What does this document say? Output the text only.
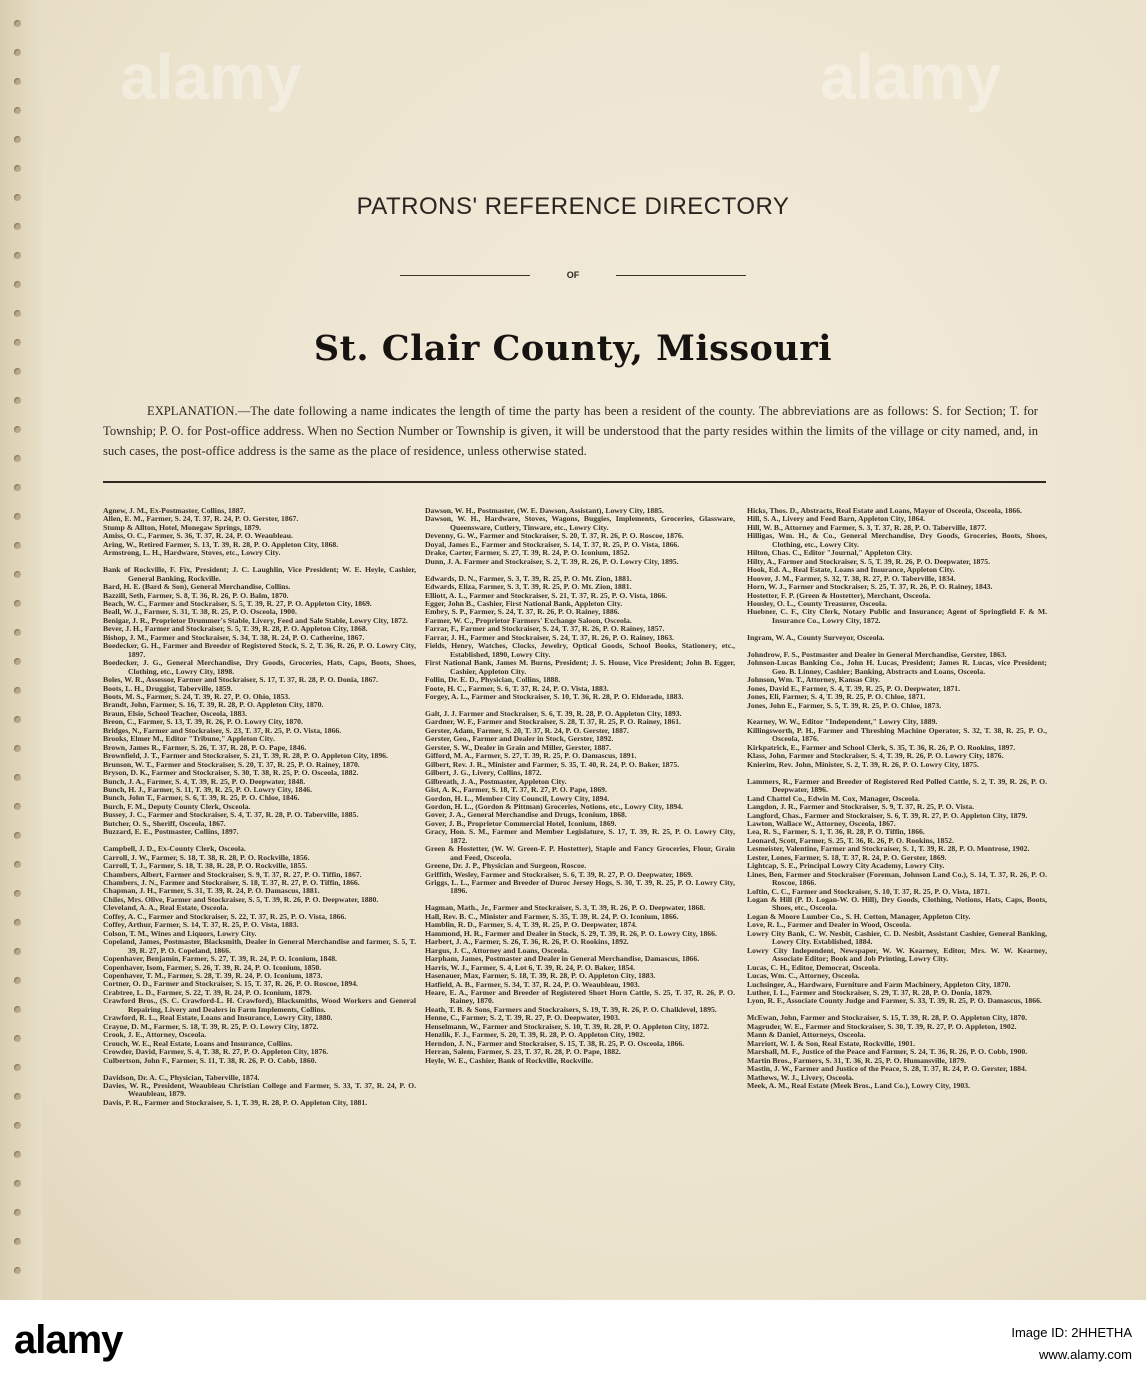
PATRONS' REFERENCE DIRECTORY
OF
St. Clair County, Missouri
EXPLANATION.—The date following a name indicates the length of time the party has been a resident of the county. The abbreviations are as follows: S. for Section; T. for Township; P. O. for Post-office address. When no Section Number or Township is given, it will be understood that the party resides within the limits of the village or city named, and, in such cases, the post-office address is the same as the place of residence, unless otherwise stated.
Agnew, J. M., Ex-Postmaster, Collins, 1887.
Allen, E. M., Farmer, S. 24, T. 37, R. 24, P. O. Gerster, 1867.
Stump & Allton, Hotel, Monegaw Springs, 1879.
Amiss, O. C., Farmer, S. 36, T. 37, R. 24, P. O. Weaubleau.
Aring, W., Retired Farmer, S. 13, T. 39, R. 28, P. O. Appleton City, 1868.
Armstrong, L. H., Hardware, Stoves, etc., Lowry City.
Bank of Rockville, F. Fix, President; J. C. Laughlin, Vice President; W. E. Heyle, Cashier, General Banking, Rockville.
Bard, H. E. (Bard & Son), General Merchandise, Collins.
Bazzill, Seth, Farmer, S. 8, T. 36, R. 26, P. O. Balm, 1870.
Beach, W. C., Farmer and Stockraiser, S. 5, T. 39, R. 27, P. O. Appleton City, 1869.
Beall, W. J., Farmer, S. 31, T. 38, R. 25, P. O. Osceola, 1900.
Benigar, J. R., Proprietor Drummer's Stable, Livery, Feed and Sale Stable, Lowry City, 1872.
Bever, J. H., Farmer and Stockraiser, S. 5, T. 39, R. 28, P. O. Appleton City, 1868.
Bishop, J. M., Farmer and Stockraiser, S. 34, T. 38, R. 24, P. O. Catherine, 1867.
Boedecker, G. H., Farmer and Breeder of Registered Stock, S. 2, T. 36, R. 26, P. O. Lowry City, 1897.
Boedecker, J. G., General Merchandise, Dry Goods, Groceries, Hats, Caps, Boots, Shoes, Clothing, etc., Lowry City, 1898.
Boles, W. R., Assessor, Farmer and Stockraiser, S. 17, T. 37, R. 28, P. O. Donia, 1867.
Boots, L. H., Druggist, Taberville, 1859.
Boots, M. S., Farmer, S. 24, T. 39, R. 27, P. O. Ohio, 1853.
Brandt, John, Farmer, S. 16, T. 39, R. 28, P. O. Appleton City, 1870.
Braun, Elsie, School Teacher, Osceola, 1883.
Breon, C., Farmer, S. 13, T. 39, R. 26, P. O. Lowry City, 1870.
Bridges, N., Farmer and Stockraiser, S. 23, T. 37, R. 25, P. O. Vista, 1866.
Brooks, Elmer M., Editor "Tribune," Appleton City.
Brown, James R., Farmer, S. 26, T. 37, R. 28, P. O. Pape, 1846.
Brownfield, J. T., Farmer and Stockraiser, S. 21, T. 39, R. 28, P. O. Appleton City, 1896.
Brunson, W. T., Farmer and Stockraiser, S. 20, T. 37, R. 25, P. O. Rainey, 1870.
Bryson, D. K., Farmer and Stockraiser, S. 30, T. 38, R. 25, P. O. Osceola, 1882.
Bunch, J. A., Farmer, S. 4, T. 39, R. 25, P. O. Deepwater, 1848.
Bunch, H. J., Farmer, S. 11, T. 39, R. 25, P. O. Lowry City, 1846.
Bunch, John T., Farmer, S. 6, T. 39, R. 25, P. O. Chloe, 1846.
Burch, F. M., Deputy County Clerk, Osceola.
Bussey, J. C., Farmer and Stockraiser, S. 4, T. 37, R. 28, P. O. Taberville, 1885.
Butcher, O. S., Sheriff, Osceola, 1867.
Buzzard, E. E., Postmaster, Collins, 1897.
Campbell, J. D., Ex-County Clerk, Osceola.
Carroll, J. W., Farmer, S. 18, T. 38, R. 28, P. O. Rockville, 1856.
Carroll, T. J., Farmer, S. 18, T. 38, R. 28, P. O. Rockville, 1855.
Chambers, Albert, Farmer and Stockraiser, S. 9, T. 37, R. 27, P. O. Tiffin, 1867.
Chambers, J. N., Farmer and Stockraiser, S. 18, T. 37, R. 27, P. O. Tiffin, 1866.
Chapman, J. H., Farmer, S. 31, T. 39, R. 24, P. O. Damascus, 1881.
Chiles, Mrs. Olive, Farmer and Stockraiser, S. 5, T. 39, R. 26, P. O. Deepwater, 1880.
Cleveland, A. A., Real Estate, Osceola.
Coffey, A. C., Farmer and Stockraiser, S. 22, T. 37, R. 25, P. O. Vista, 1866.
Coffey, Arthur, Farmer, S. 14, T. 37, R. 25, P. O. Vista, 1883.
Colson, T. M., Wines and Liquors, Lowry City.
Copeland, James, Postmaster, Blacksmith, Dealer in General Merchandise and farmer, S. 5, T. 39, R. 27, P. O. Copeland, 1866.
Copenhaver, Benjamin, Farmer, S. 27, T. 39, R. 24, P. O. Iconium, 1848.
Copenhaver, Isom, Farmer, S. 26, T. 39, R. 24, P. O. Iconium, 1850.
Copenhaver, T. M., Farmer, S. 28, T. 39, R. 24, P. O. Iconium, 1873.
Cortner, O. D., Farmer and Stockraiser, S. 15, T. 37, R. 26, P. O. Roscoe, 1894.
Crabtree, L. D., Farmer, S. 22, T. 39, R. 24, P. O. Iconium, 1879.
Crawford Bros., (S. C. Crawford-L. H. Crawford), Blacksmiths, Wood Workers and General Repairing, Livery and Dealers in Farm Implements, Collins.
Crawford, R. L., Real Estate, Loans and Insurance, Lowry City, 1880.
Crayne, D. M., Farmer, S. 18, T. 39, R. 25, P. O. Lowry City, 1872.
Crook, J. E., Attorney, Osceola.
Crouch, W. E., Real Estate, Loans and Insurance, Collins.
Crowder, David, Farmer, S. 4, T. 38, R. 27, P. O. Appleton City, 1876.
Culbertson, John F., Farmer, S. 11, T. 38, R. 26, P. O. Cobb, 1860.
Davidson, Dr. A. C., Physician, Taberville, 1874.
Davies, W. R., President, Weaubleau Christian College and Farmer, S. 33, T. 37, R. 24, P. O. Weaubleau, 1879.
Davis, P. R., Farmer and Stockraiser, S. 1, T. 39, R. 28, P. O. Appleton City, 1881.
Dawson, W. H., Postmaster, (W. E. Dawson, Assistant), Lowry City, 1885.
Dawson, W. H., Hardware, Stoves, Wagons, Buggies, Implements, Groceries, Glassware, Queensware, Cutlery, Tinware, etc., Lowry City.
Devenny, G. W., Farmer and Stockraiser, S. 20, T. 37, R. 26, P. O. Roscoe, 1876.
Doyal, James E., Farmer and Stockraiser, S. 14, T. 37, R. 25, P. O. Vista, 1866.
Drake, Carter, Farmer, S. 27, T. 39, R. 24, P. O. Iconium, 1852.
Dunn, J. A. Farmer and Stockraiser, S. 2, T. 39, R. 26, P. O. Lowry City, 1895.
Edwards, D. N., Farmer, S. 3, T. 39, R. 25, P. O. Mt. Zion, 1881.
Edwards, Eliza, Farmer, S. 3, T. 39, R. 25, P. O. Mt. Zion, 1881.
Elliott, A. L., Farmer and Stockraiser, S. 21, T. 37, R. 25, P. O. Vista, 1866.
Egger, John B., Cashier, First National Bank, Appleton City.
Embry, S. P., Farmer, S. 24, T. 37, R. 26, P. O. Rainey, 1886.
Farmer, W. C., Proprietor Farmers' Exchange Saloon, Osceola.
Farrar, F., Farmer and Stockraiser, S. 24, T. 37, R. 26, P. O. Rainey, 1857.
Farrar, J. H., Farmer and Stockraiser, S. 24, T. 37, R. 26, P. O. Rainey, 1863.
Fields, Henry, Watches, Clocks, Jewelry, Optical Goods, School Books, Stationery, etc., Established, 1890, Lowry City.
First National Bank, James M. Burns, President; J. S. House, Vice President; John B. Egger, Cashier, Appleton City.
Follin, Dr. E. D., Physician, Collins, 1888.
Foote, H. C., Farmer, S. 6, T. 37, R. 24, P. O. Vista, 1883.
Forgey, A. L., Farmer and Stockraiser, S. 10, T. 36, R. 28, P. O. Eldorado, 1883.
Galt, J. J. Farmer and Stockraiser, S. 6, T. 39, R. 28, P. O. Appleton City, 1893.
Gardner, W. F., Farmer and Stockraiser, S. 28, T. 37, R. 25, P. O. Rainey, 1861.
Gerster, Adam, Farmer, S. 20, T. 37, R. 24, P. O. Gerster, 1887.
Gerster, Geo., Farmer and Dealer in Stock, Gerster, 1892.
Gerster, S. W., Dealer in Grain and Miller, Gerster, 1887.
Gifford, M. A., Farmer, S. 27, T. 39, R. 25, P. O. Damascus, 1891.
Gilbert, Rev. J. R., Minister and Farmer, S. 35, T. 40, R. 24, P. O. Baker, 1875.
Gilbert, J. G., Livery, Collins, 1872.
Gilbreath, J. A., Postmaster, Appleton City.
Gist, A. K., Farmer, S. 18, T. 37, R. 27, P. O. Pape, 1869.
Gordon, H. L., Member City Council, Lowry City, 1894.
Gordon, H. L., (Gordon & Pittman) Groceries, Notions, etc., Lowry City, 1894.
Gover, J. A., General Merchandise and Drugs, Iconium, 1868.
Gover, J. B., Proprietor Commercial Hotel, Iconium, 1869.
Gracy, Hon. S. M., Farmer and Member Legislature, S. 17, T. 39, R. 25, P. O. Lowry City, 1872.
Green & Hostetter, (W. W. Green-F. P. Hostetter), Staple and Fancy Groceries, Flour, Grain and Feed, Osceola.
Greene, Dr. J. P., Physician and Surgeon, Roscoe.
Griffith, Wesley, Farmer and Stockraiser, S. 6, T. 39, R. 27, P. O. Deepwater, 1869.
Griggs, L. L., Farmer and Breeder of Duroc Jersey Hogs, S. 30, T. 39, R. 25, P. O. Lowry City, 1896.
Hagman, Math., Jr., Farmer and Stockraiser, S. 3, T. 39, R. 26, P. O. Deepwater, 1868.
Hall, Rev. B. C., Minister and Farmer, S. 35, T. 39, R. 24, P. O. Iconium, 1866.
Hamblin, R. D., Farmer, S. 4, T. 39, R. 25, P. O. Deepwater, 1874.
Hammond, H. R., Farmer and Dealer in Stock, S. 29, T. 39, R. 26, P. O. Lowry City, 1866.
Harbert, J. A., Farmer, S. 26, T. 36, R. 26, P. O. Rookins, 1892.
Hargus, J. C., Attorney and Loans, Osceola.
Harpham, James, Postmaster and Dealer in General Merchandise, Damascus, 1866.
Harris, W. J., Farmer, S. 4, Lot 6, T. 39, R. 24, P. O. Baker, 1854.
Hasenauer, Max, Farmer, S. 18, T. 39, R. 28, P. O. Appleton City, 1883.
Hatfield, A. B., Farmer, S. 34, T. 37, R. 24, P. O. Weaubleau, 1903.
Heare, E. A., Farmer and Breeder of Registered Short Horn Cattle, S. 25, T. 37, R. 26, P. O. Rainey, 1870.
Heath, T. B. & Sons, Farmers and Stockraisers, S. 19, T. 39, R. 26, P. O. Chalklevel, 1895.
Henne, C., Farmer, S. 2, T. 39, R. 27, P. O. Deepwater, 1903.
Henselmann, W., Farmer and Stockraiser, S. 10, T. 39, R. 28, P. O. Appleton City, 1872.
Henzlik, F. J., Farmer, S. 20, T. 39, R. 28, P. O. Appleton City, 1902.
Herndon, J. N., Farmer and Stockraiser, S. 15, T. 38, R. 25, P. O. Osceola, 1866.
Herran, Salem, Farmer, S. 23, T. 37, R. 28, P. O. Pape, 1882.
Heyle, W. E., Cashier, Bank of Rockville, Rockville.
Hicks, Thos. D., Abstracts, Real Estate and Loans, Mayor of Osceola, Osceola, 1866.
Hill, S. A., Livery and Feed Barn, Appleton City, 1864.
Hill, W. B., Attorney and Farmer, S. 3, T. 37, R. 28, P. O. Taberville, 1877.
Hilligas, Wm. H., & Co., General Merchandise, Dry Goods, Groceries, Boots, Shoes, Clothing, etc., Lowry City.
Hilton, Chas. C., Editor "Journal," Appleton City.
Hilty, A., Farmer and Stockraiser, S. 5, T. 39, R. 26, P. O. Deepwater, 1875.
Hook, Ed. A., Real Estate, Loans and Insurance, Appleton City.
Hoover, J. M., Farmer, S. 32, T. 38, R. 27, P. O. Taberville, 1834.
Horn, W. J., Farmer and Stockraiser, S. 25, T. 37, R. 26, P. O. Rainey, 1843.
Hostetter, F. P. (Green & Hostetter), Merchant, Osceola.
Housley, O. L., County Treasurer, Osceola.
Huebner, C. F., City Clerk, Notary Public and Insurance; Agent of Springfield F. & M. Insurance Co., Lowry City, 1872.
Ingram, W. A., County Surveyor, Osceola.
Johndrow, F. S., Postmaster and Dealer in General Merchandise, Gerster, 1863.
Johnson-Lucas Banking Co., John H. Lucas, President; James R. Lucas, vice President; Geo. B. Linney, Cashier; Banking, Abstracts and Loans, Osceola.
Johnson, Wm. T., Attorney, Kansas City.
Jones, David E., Farmer, S. 4, T. 39, R. 25, P. O. Deepwater, 1871.
Jones, Eli, Farmer, S. 4, T. 39, R. 25, P. O. Chloe, 1871.
Jones, John E., Farmer, S. 5, T. 39, R. 25, P. O. Chloe, 1873.
Kearney, W. W., Editor "Independent," Lowry City, 1889.
Killingsworth, P. H., Farmer and Threshing Machine Operator, S. 32, T. 38, R. 25, P. O., Osceola, 1876.
Kirkpatrick, E., Farmer and School Clerk, S. 35, T. 36, R. 26, P. O. Rookins, 1897.
Klass, John, Farmer and Stockraiser, S. 4, T. 39, R. 26, P. O. Lowry City, 1876.
Knierim, Rev. John, Minister, S. 2, T. 39, R. 26, P. O. Lowry City, 1875.
Lammers, R., Farmer and Breeder of Registered Red Polled Cattle, S. 2, T. 39, R. 26, P. O. Deepwater, 1896.
Land Chattel Co., Edwin M. Cox, Manager, Osceola.
Langdon, J. R., Farmer and Stockraiser, S. 9, T. 37, R. 25, P. O. Vista.
Langford, Chas., Farmer and Stockraiser, S. 6, T. 39, R. 27, P. O. Appleton City, 1879.
Lawton, Wallace W., Attorney, Osceola, 1867.
Lea, R. S., Farmer, S. 1, T. 36, R. 28, P. O. Tiffin, 1866.
Leonard, Scott, Farmer, S. 25, T. 36, R. 26, P. O. Rookins, 1852.
Lesmeister, Valentine, Farmer and Stockraiser, S. 1, T. 39, R. 28, P. O. Montrose, 1902.
Lester, Lones, Farmer, S. 18, T. 37, R. 24, P. O. Gerster, 1869.
Lightcap, S. E., Principal Lowry City Academy, Lowry City.
Lines, Ben, Farmer and Stockraiser (Foreman, Johnson Land Co.), S. 14, T. 37, R. 26, P. O. Roscoe, 1866.
Loftin, C. C., Farmer and Stockraiser, S. 10, T. 37, R. 25, P. O. Vista, 1871.
Logan & Hill (P. D. Logan-W. O. Hill), Dry Goods, Clothing, Notions, Hats, Caps, Boots, Shoes, etc., Osceola.
Logan & Moore Lumber Co., S. H. Cotton, Manager, Appleton City.
Love, R. L., Farmer and Dealer in Wood, Osceola.
Lowry City Bank, C. W. Nesbit, Cashier, C. D. Nesbit, Assistant Cashier, General Banking, Lowry City. Established, 1884.
Lowry City Independent, Newspaper, W. W. Kearney, Editor, Mrs. W. W. Kearney, Associate Editor; Book and Job Printing, Lowry City.
Lucas, C. H., Editor, Democrat, Osceola.
Lucas, Wm. C., Attorney, Osceola.
Luchsinger, A., Hardware, Furniture and Farm Machinery, Appleton City, 1870.
Luther, I. L., Farmer and Stockraiser, S. 29, T. 37, R. 28, P. O. Donia, 1879.
Lyon, R. F., Associate County Judge and Farmer, S. 33, T. 39, R. 25, P. O. Damascus, 1866.
McEwan, John, Farmer and Stockraiser, S. 15, T. 39, R. 28, P. O. Appleton City, 1870.
Magruder, W. E., Farmer and Stockraiser, S. 30, T. 39, R. 27, P. O. Appleton, 1902.
Mann & Daniel, Attorneys, Osceola.
Marriott, W. I. & Son, Real Estate, Rockville, 1901.
Marshall, M. F., Justice of the Peace and Farmer, S. 24, T. 36, R. 26, P. O. Cobb, 1900.
Martin Bros., Farmers, S. 31, T. 36, R. 25, P. O. Humansville, 1879.
Mastin, J. W., Farmer and Justice of the Peace, S. 28, T. 37, R. 24, P. O. Gerster, 1884.
Mathews, W. J., Livery, Osceola.
Meek, A. M., Real Estate (Meek Bros., Land Co.), Lowry City, 1903.
alamy	alamy
alamy	Image ID: 2HHETHA
www.alamy.com
